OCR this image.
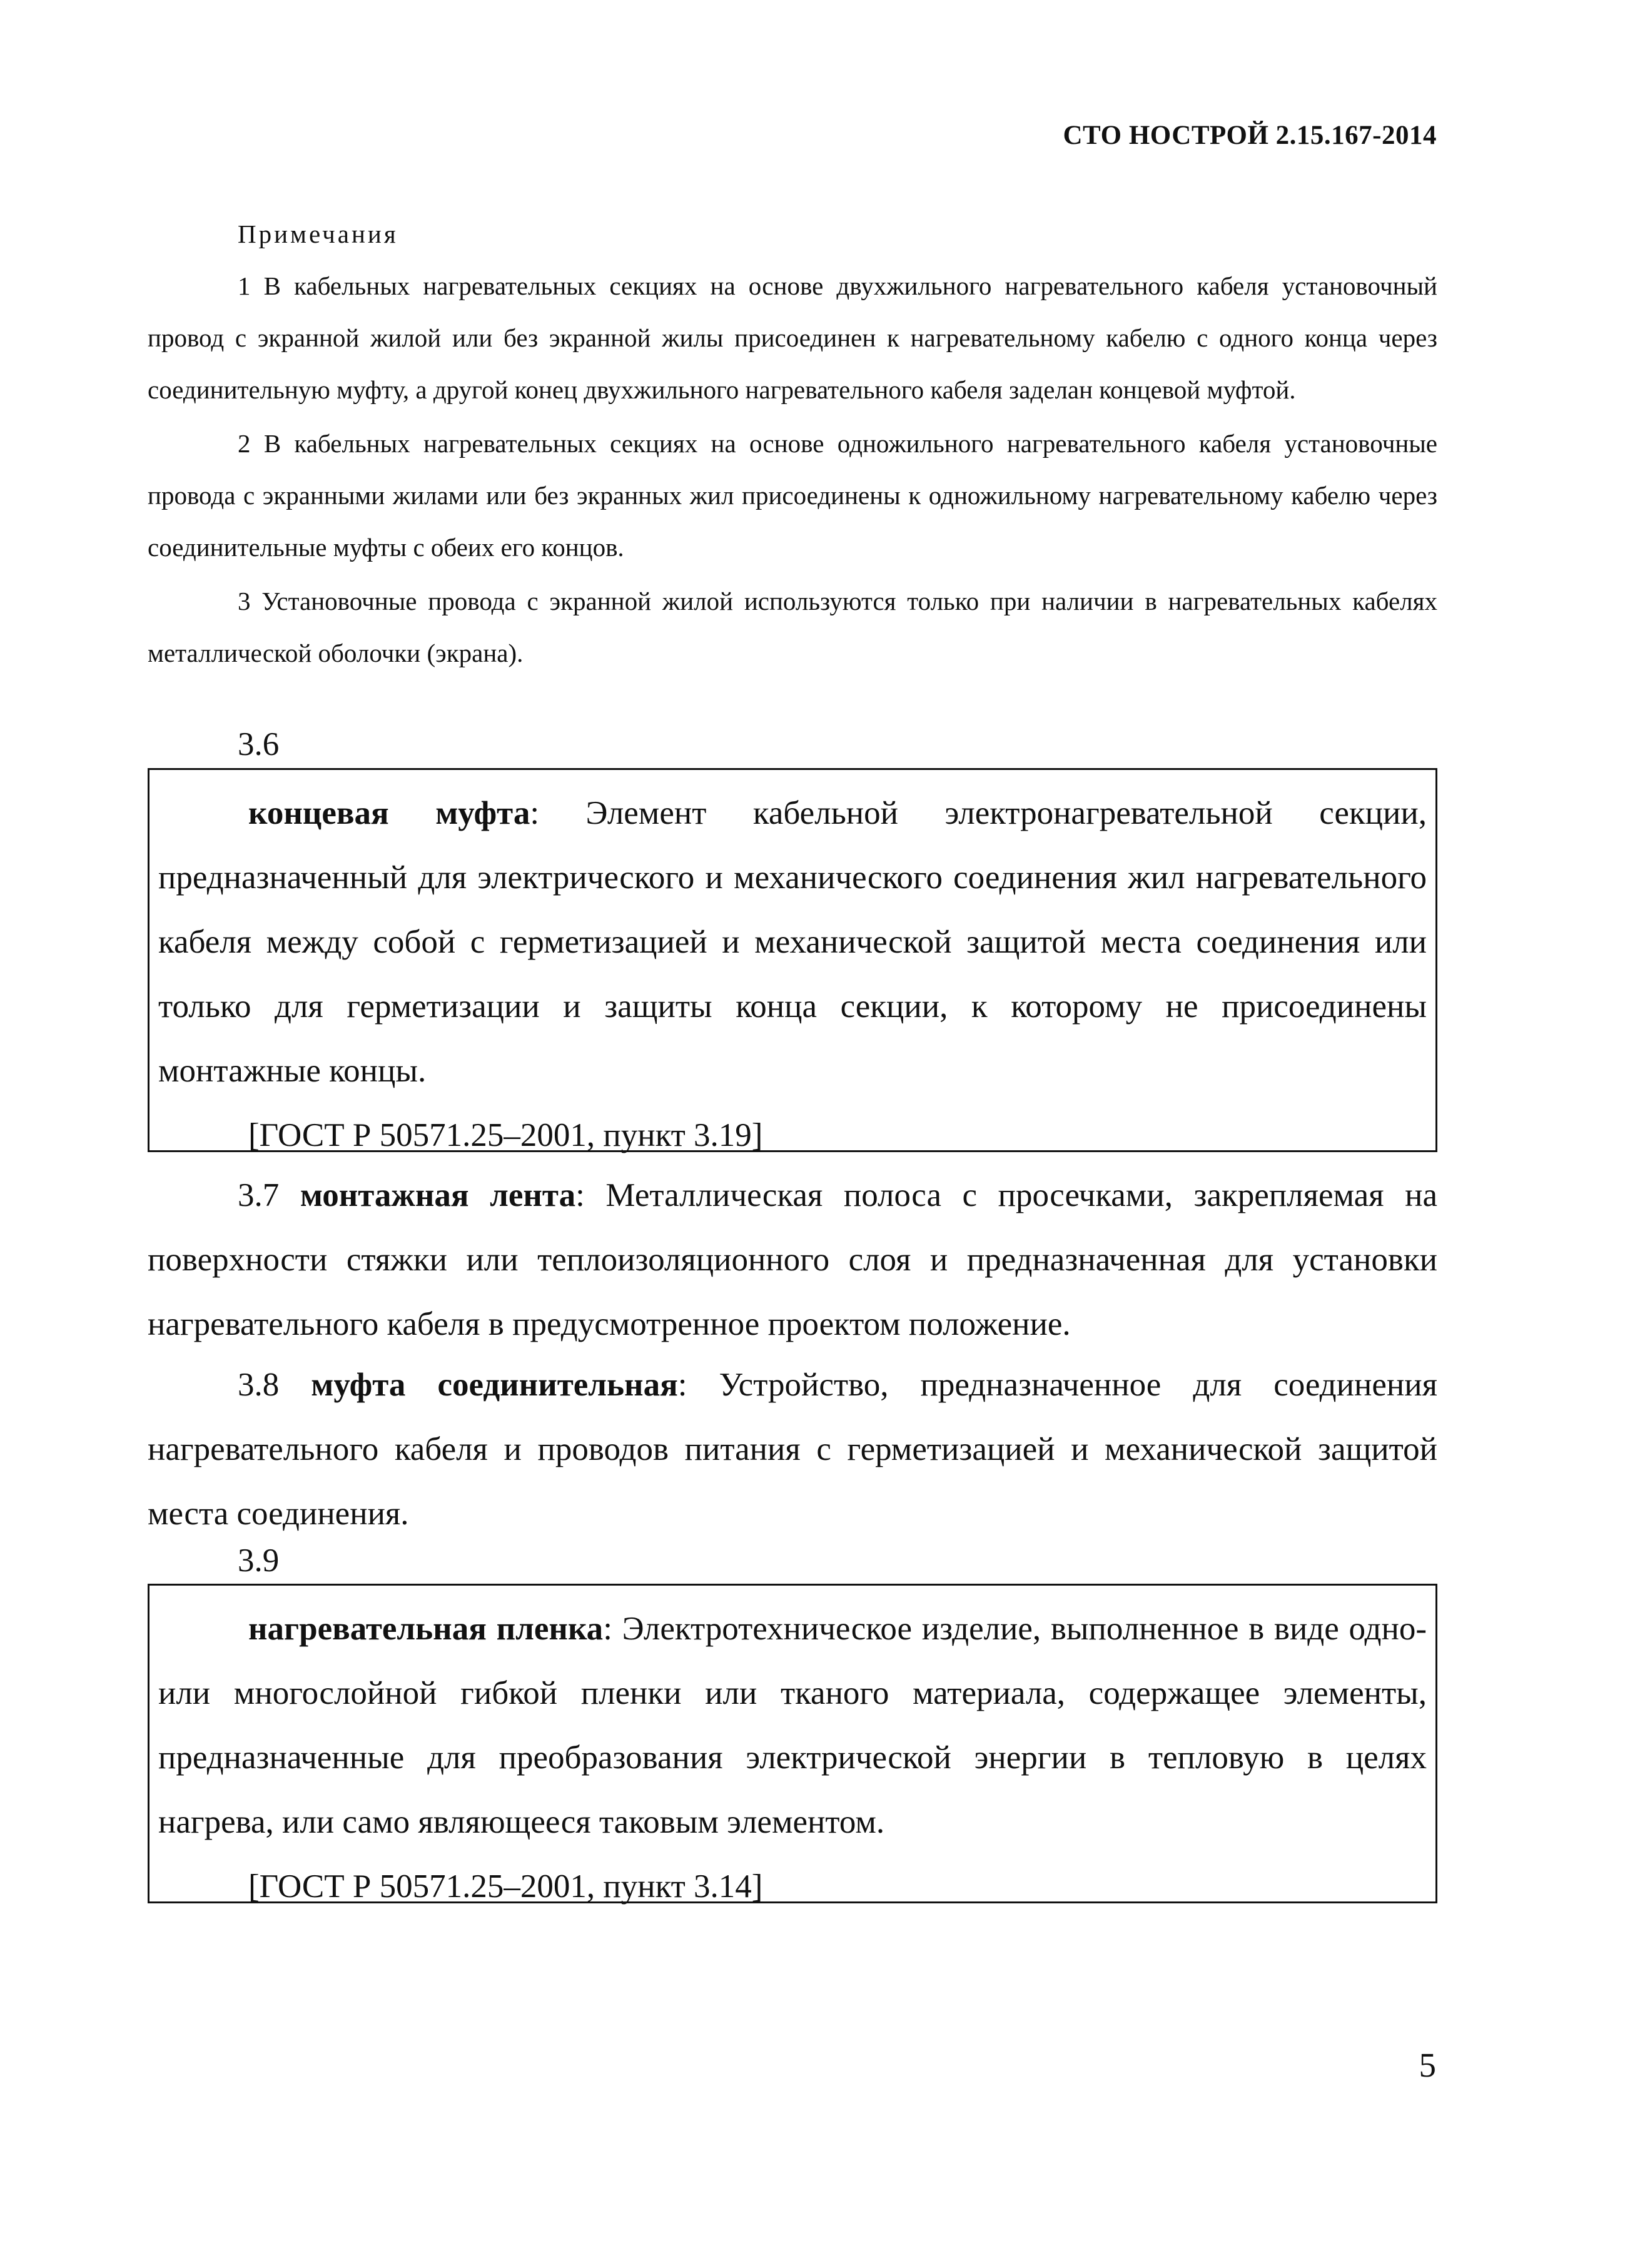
СТО НОСТРОЙ 2.15.167-2014

Примечания

1 В кабельных нагревательных секциях на основе двухжильного нагревательного кабеля установочный провод с экранной жилой или без экранной жилы присоединен к нагревательному кабелю с одного конца через соединительную муфту, а другой конец двухжильного нагревательного кабеля заделан концевой муфтой.

2 В кабельных нагревательных секциях на основе одножильного нагревательного кабеля установочные провода с экранными жилами или без экранных жил присоединены к одножильному нагревательному кабелю через соединительные муфты с обеих его концов.

3 Установочные провода с экранной жилой используются только при наличии в нагревательных кабелях металлической оболочки (экрана).

3.6

концевая муфта: Элемент кабельной электронагревательной секции, предназначенный для электрического и механического соединения жил нагревательного кабеля между собой с герметизацией и механической защитой места соединения или только для герметизации и защиты конца секции, к которому не присоединены монтажные концы.

[ГОСТ Р 50571.25–2001, пункт 3.19]

3.7 монтажная лента: Металлическая полоса с просечками, закрепляемая на поверхности стяжки или теплоизоляционного слоя и предназначенная для установки нагревательного кабеля в предусмотренное проектом положение.

3.8 муфта соединительная: Устройство, предназначенное для соединения нагревательного кабеля и проводов питания с герметизацией и механической защитой места соединения.

3.9

нагревательная пленка: Электротехническое изделие, выполненное в виде одно- или многослойной гибкой пленки или тканого материала, содержащее элементы, предназначенные для преобразования электрической энергии в тепловую в целях нагрева, или само являющееся таковым элементом.

[ГОСТ Р 50571.25–2001, пункт 3.14]

5
